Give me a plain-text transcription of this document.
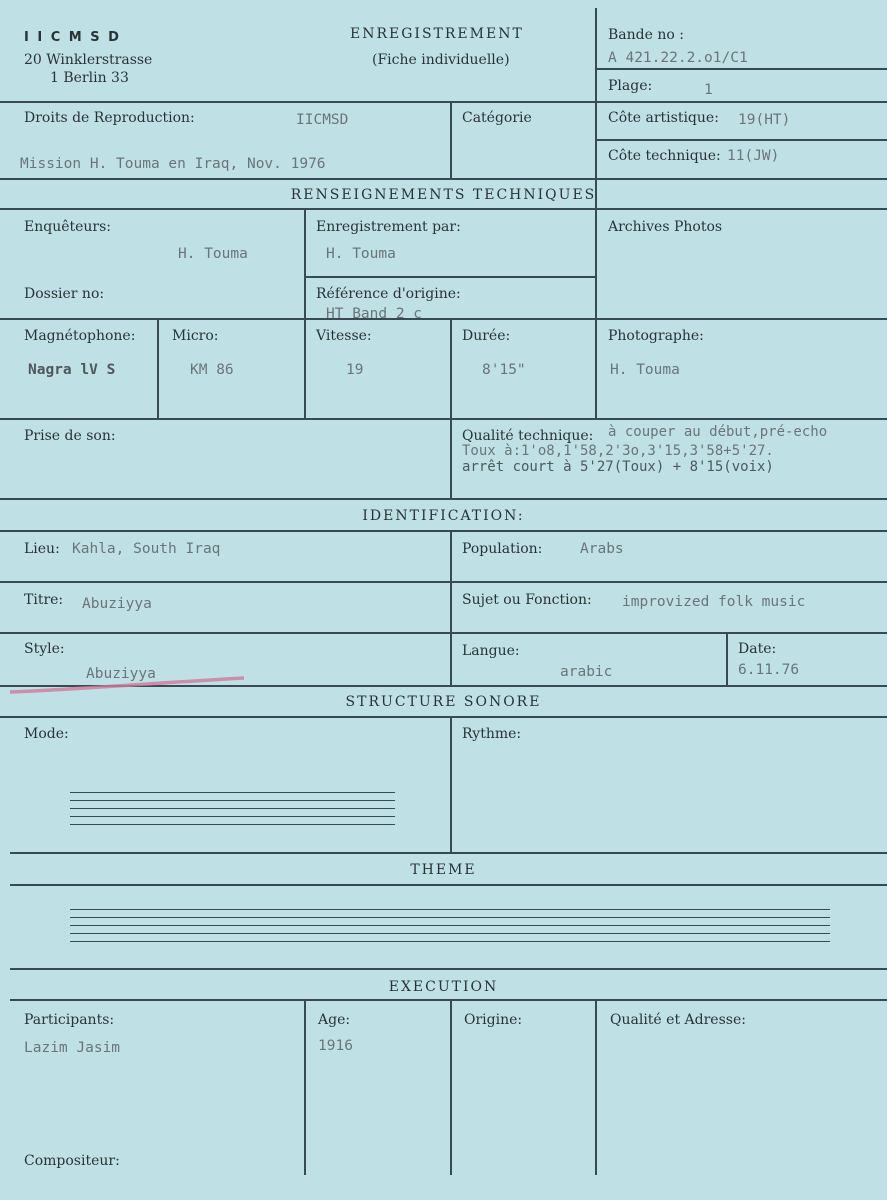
I I C M S D
20 Winklerstrasse
1 Berlin 33
ENREGISTREMENT
(Fiche individuelle)
Bande no :
A 421.22.2.o1/C1
Plage:	1
Droits de Reproduction:	IICMSD	Catégorie
Mission H. Touma en Iraq, Nov. 1976
Côte artistique: 19(HT)
Côte technique: 11(JW)
RENSEIGNEMENTS TECHNIQUES
Enquêteurs:
H. Touma
Enregistrement par:
H. Touma
Archives Photos
Dossier no:	Référence d'origine:
HT Band 2 c
Magnétophone:
Nagra lV S
Micro:
KM 86
Vitesse:
19
Durée:
8'15"
Photographe:
H. Touma
Prise de son:	Qualité technique: à couper au début,pré-echo
Toux à:1'o8,1'58,2'3o,3'15,3'58+5'27.
arrêt court à 5'27(Toux) + 8'15(voix)
IDENTIFICATION:
Lieu: Kahla, South Iraq	Population:	Arabs
Titre: Abuziyya	Sujet ou Fonction: improvized folk music
Style:
Abuziyya
Langue:
arabic
Date:
6.11.76
STRUCTURE SONORE
Mode:	Rythme:
THEME
EXECUTION
Participants:
Lazim Jasim
Age:
1916
Origine:	Qualité et Adresse:
Compositeur:
